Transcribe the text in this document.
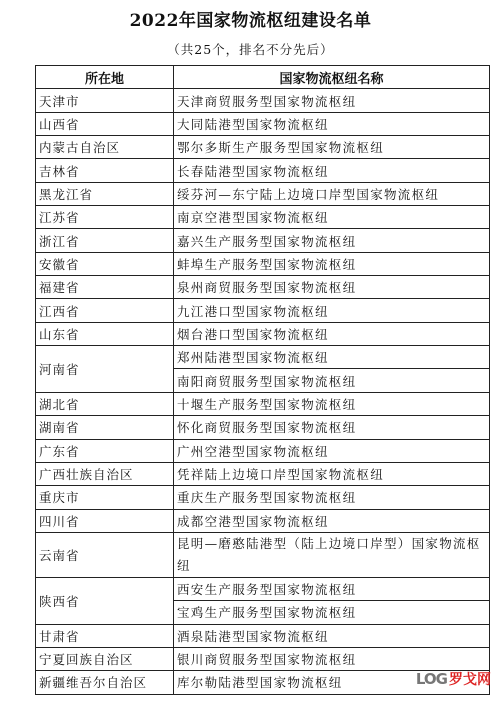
2022年国家物流枢纽建设名单
（共25个，排名不分先后）
所在地	国家物流枢纽名称
天津市	天津商贸服务型国家物流枢纽
山西省	大同陆港型国家物流枢纽
内蒙古自治区	鄂尔多斯生产服务型国家物流枢纽
吉林省	长春陆港型国家物流枢纽
黑龙江省	绥芬河—东宁陆上边境口岸型国家物流枢纽
江苏省	南京空港型国家物流枢纽
浙江省	嘉兴生产服务型国家物流枢纽
安徽省	蚌埠生产服务型国家物流枢纽
福建省	泉州商贸服务型国家物流枢纽
江西省	九江港口型国家物流枢纽
山东省	烟台港口型国家物流枢纽
河南省	郑州陆港型国家物流枢纽
	南阳商贸服务型国家物流枢纽
湖北省	十堰生产服务型国家物流枢纽
湖南省	怀化商贸服务型国家物流枢纽
广东省	广州空港型国家物流枢纽
广西壮族自治区	凭祥陆上边境口岸型国家物流枢纽
重庆市	重庆生产服务型国家物流枢纽
四川省	成都空港型国家物流枢纽
云南省	昆明—磨憨陆港型（陆上边境口岸型）国家物流枢纽
陕西省	西安生产服务型国家物流枢纽
	宝鸡生产服务型国家物流枢纽
甘肃省	酒泉陆港型国家物流枢纽
宁夏回族自治区	银川商贸服务型国家物流枢纽
新疆维吾尔自治区	库尔勒陆港型国家物流枢纽	LOG 罗戈网
